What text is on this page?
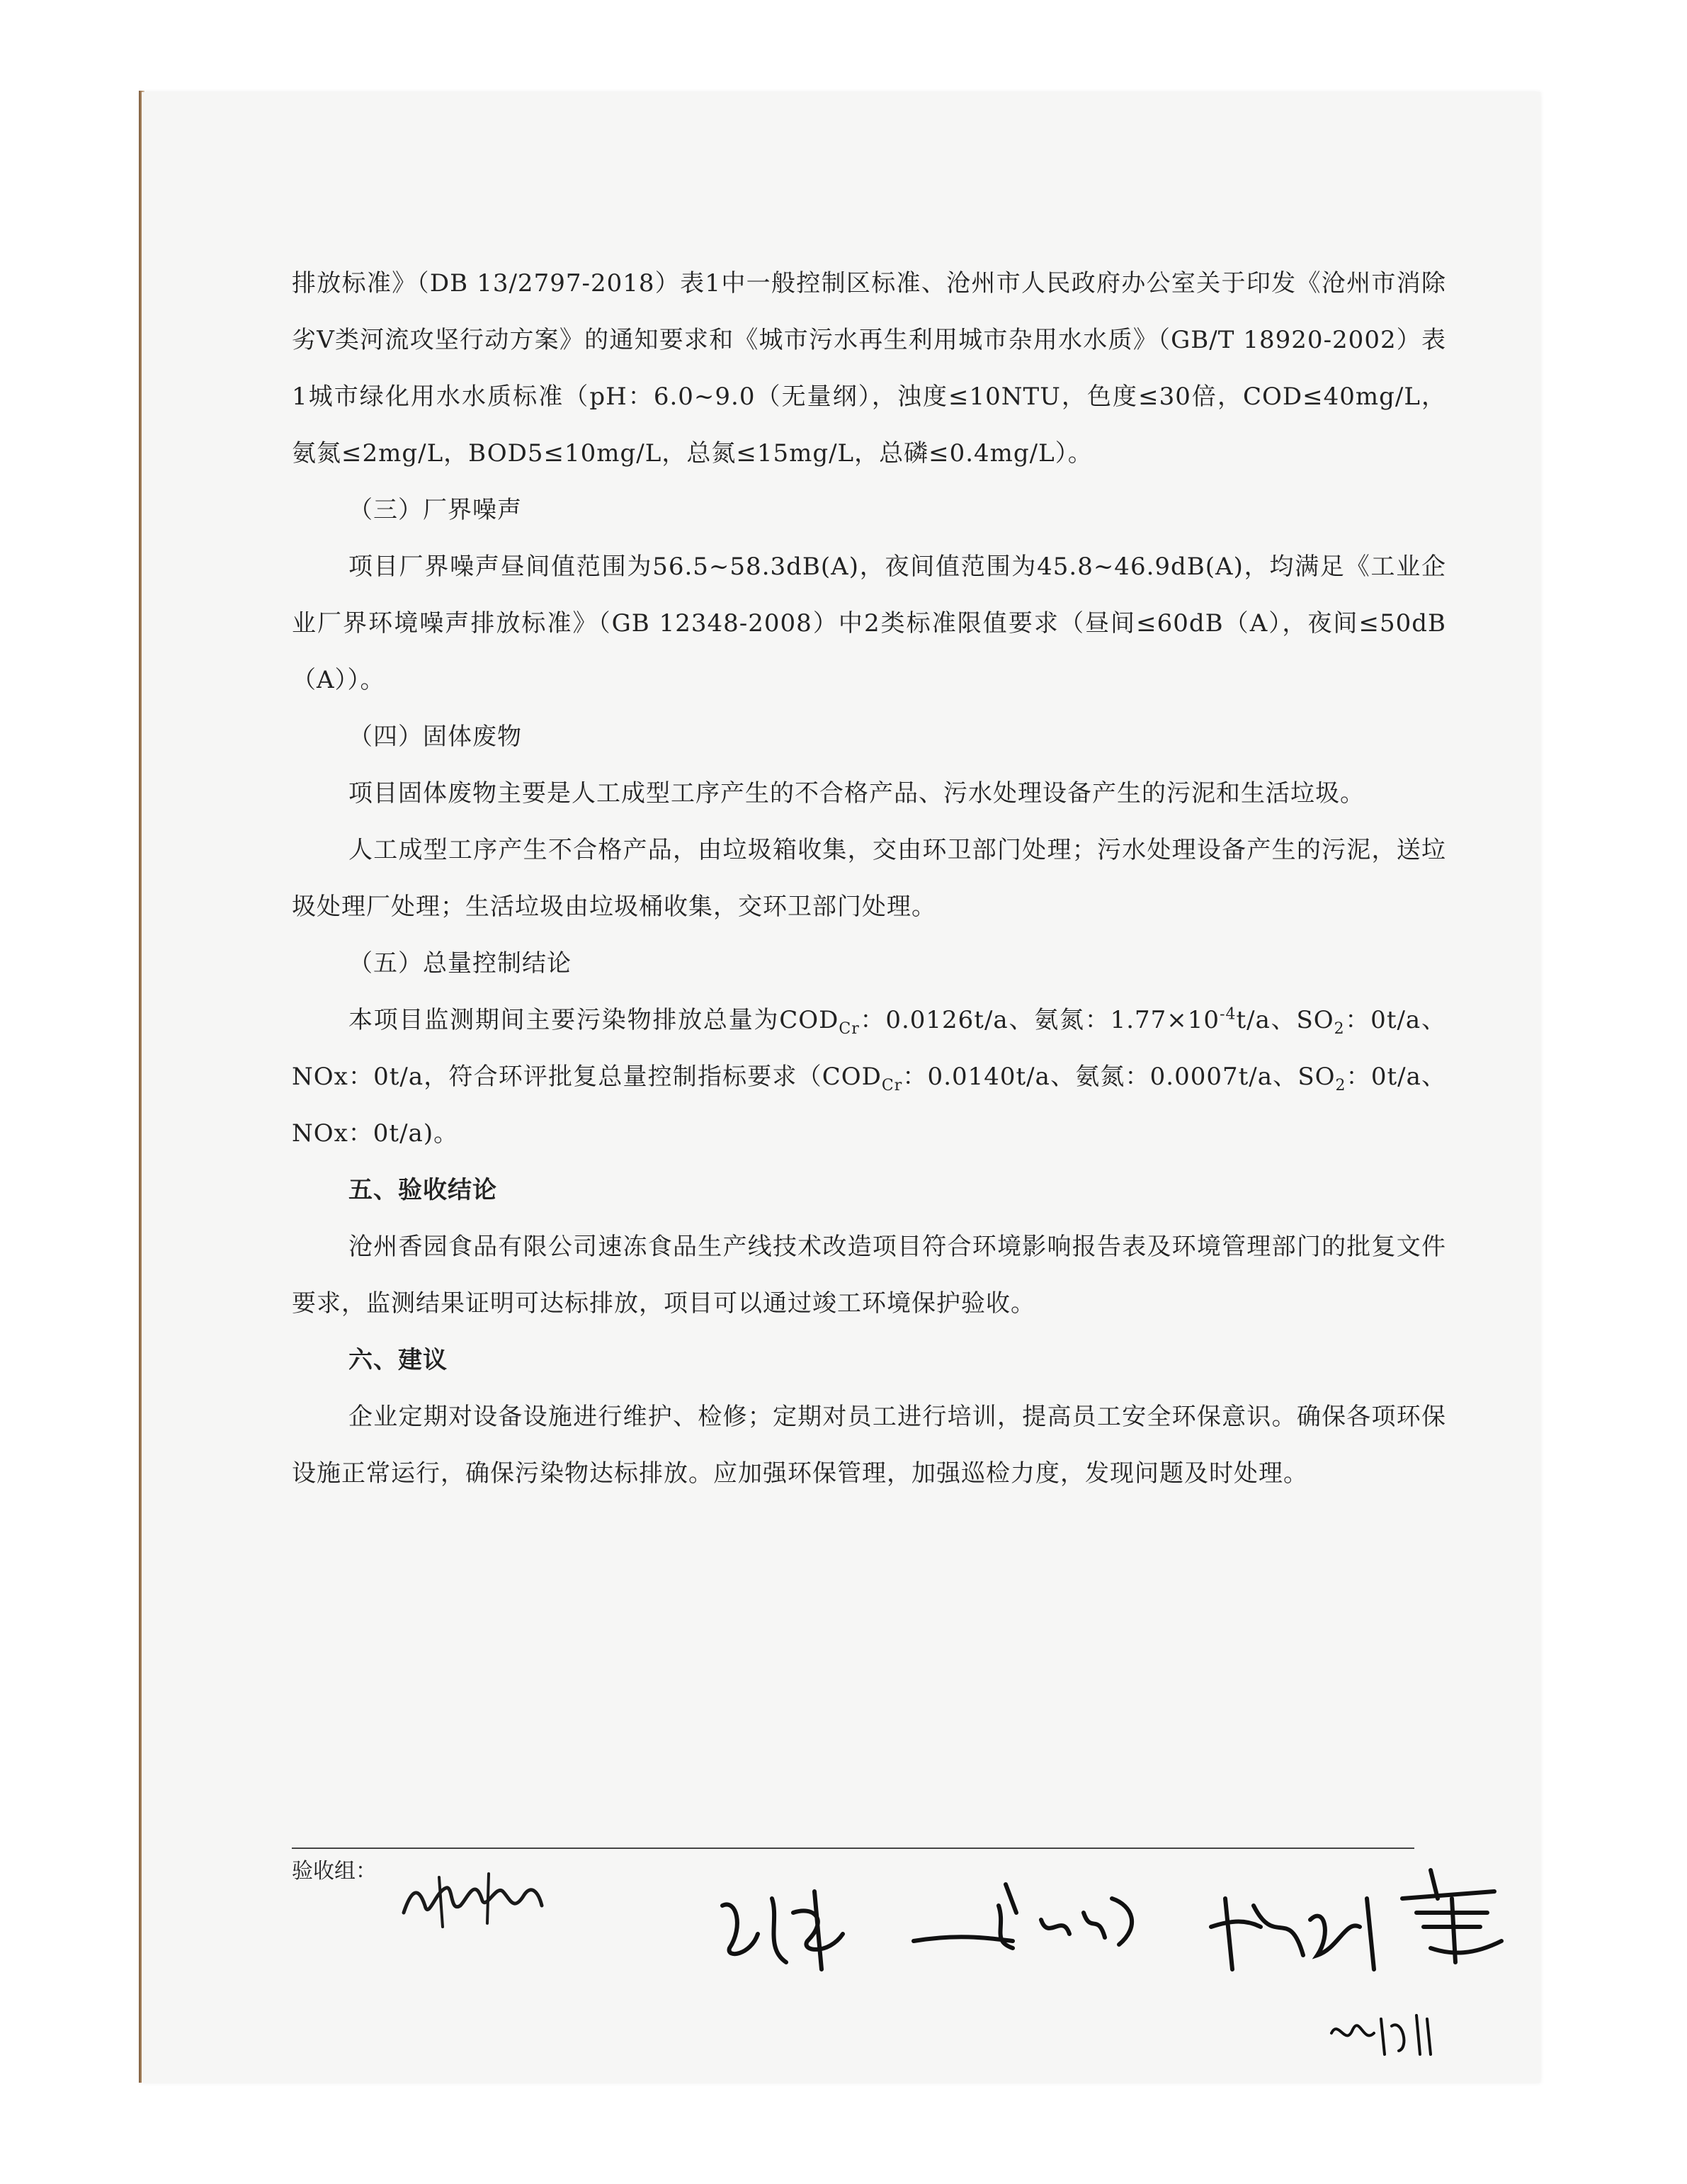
排放标准》（DB 13/2797-2018）表1中一般控制区标准、沧州市人民政府办公室关于印发《沧州市消除劣V类河流攻坚行动方案》的通知要求和《城市污水再生利用城市杂用水水质》（GB/T 18920-2002）表1城市绿化用水水质标准（pH：6.0~9.0（无量纲），浊度≤10NTU，色度≤30倍，COD≤40mg/L，氨氮≤2mg/L，BOD5≤10mg/L，总氮≤15mg/L，总磷≤0.4mg/L）。

（三）厂界噪声

项目厂界噪声昼间值范围为56.5~58.3dB(A)，夜间值范围为45.8~46.9dB(A)，均满足《工业企业厂界环境噪声排放标准》（GB 12348-2008）中2类标准限值要求（昼间≤60dB（A），夜间≤50dB（A））。

（四）固体废物

项目固体废物主要是人工成型工序产生的不合格产品、污水处理设备产生的污泥和生活垃圾。

人工成型工序产生不合格产品，由垃圾箱收集，交由环卫部门处理；污水处理设备产生的污泥，送垃圾处理厂处理；生活垃圾由垃圾桶收集，交环卫部门处理。

（五）总量控制结论

本项目监测期间主要污染物排放总量为$COD_{Cr}$：0.0126t/a、氨氮：$1.77\times 10^{-4}t/a$、$SO_2$：0t/a、NOx：0t/a，符合环评批复总量控制指标要求（$COD_{Cr}$：0.0140t/a、氨氮：0.0007t/a、$SO_2$：0t/a、NOx：0t/a)。

五、验收结论

沧州香园食品有限公司速冻食品生产线技术改造项目符合环境影响报告表及环境管理部门的批复文件要求，监测结果证明可达标排放，项目可以通过竣工环境保护验收。

六、建议

企业定期对设备设施进行维护、检修；定期对员工进行培训，提高员工安全环保意识。确保各项环保设施正常运行，确保污染物达标排放。应加强环保管理，加强巡检力度，发现问题及时处理。

验收组：
